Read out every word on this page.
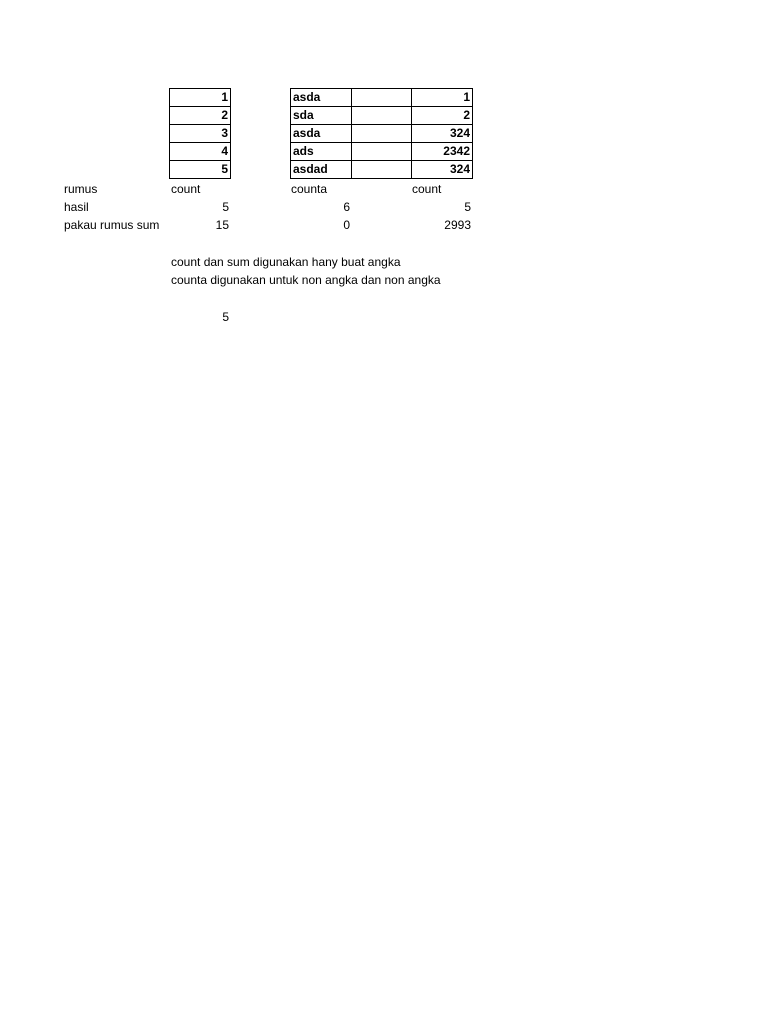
1		asda		1
2		sda		2
3		asda		324
4		ads		2342
5		asdad		324
rumus	count	counta	count
hasil	5	6	5
pakau rumus sum	15	0	2993
count dan sum digunakan hany buat angka
counta digunakan untuk non angka dan non angka
5
